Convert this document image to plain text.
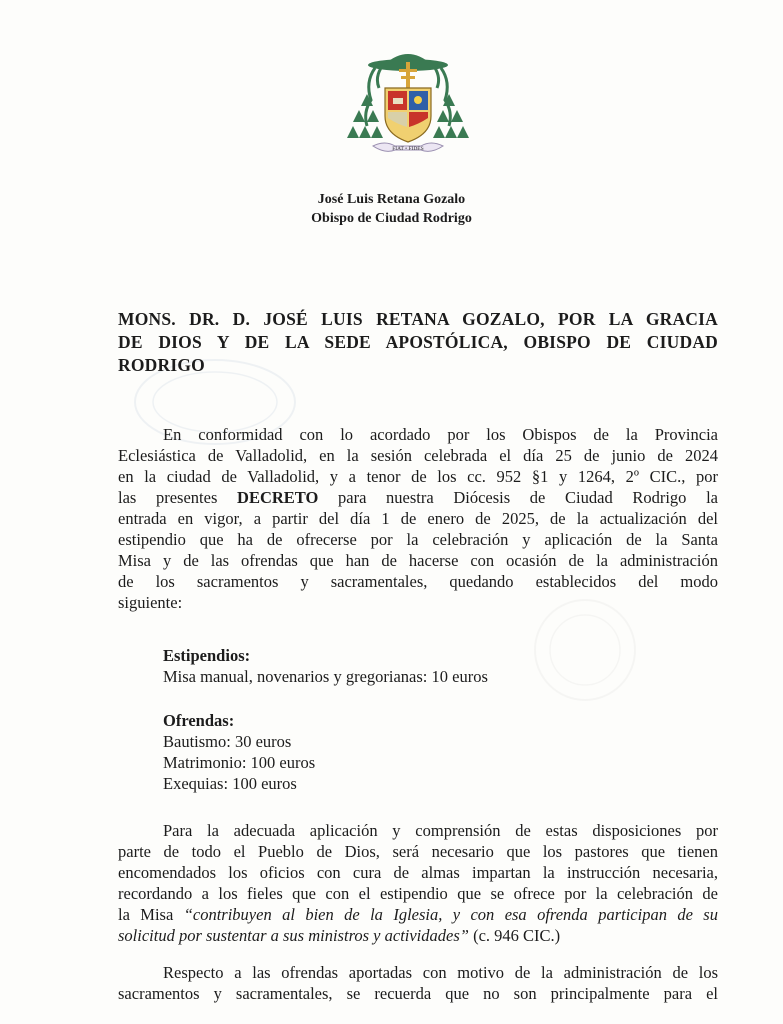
FIAT • FIDES
José Luis Retana Gozalo
Obispo de Ciudad Rodrigo
MONS. DR. D. JOSÉ LUIS RETANA GOZALO, POR LA GRACIA
DE DIOS Y DE LA SEDE APOSTÓLICA, OBISPO DE CIUDAD
RODRIGO
En conformidad con lo acordado por los Obispos de la Provincia
Eclesiástica de Valladolid, en la sesión celebrada el día 25 de junio de 2024
en la ciudad de Valladolid, y a tenor de los cc. 952 §1 y 1264, 2º CIC., por
las presentes DECRETO para nuestra Diócesis de Ciudad Rodrigo la
entrada en vigor, a partir del día 1 de enero de 2025, de la actualización del
estipendio que ha de ofrecerse por la celebración y aplicación de la Santa
Misa y de las ofrendas que han de hacerse con ocasión de la administración
de los sacramentos y sacramentales, quedando establecidos del modo
siguiente:
Estipendios:
Misa manual, novenarios y gregorianas: 10 euros
Ofrendas:
Bautismo: 30 euros
Matrimonio: 100 euros
Exequias: 100 euros
Para la adecuada aplicación y comprensión de estas disposiciones por
parte de todo el Pueblo de Dios, será necesario que los pastores que tienen
encomendados los oficios con cura de almas impartan la instrucción necesaria,
recordando a los fieles que con el estipendio que se ofrece por la celebración de
la Misa “contribuyen al bien de la Iglesia, y con esa ofrenda participan de su
solicitud por sustentar a sus ministros y actividades” (c. 946 CIC.)
Respecto a las ofrendas aportadas con motivo de la administración de los
sacramentos y sacramentales, se recuerda que no son principalmente para el
